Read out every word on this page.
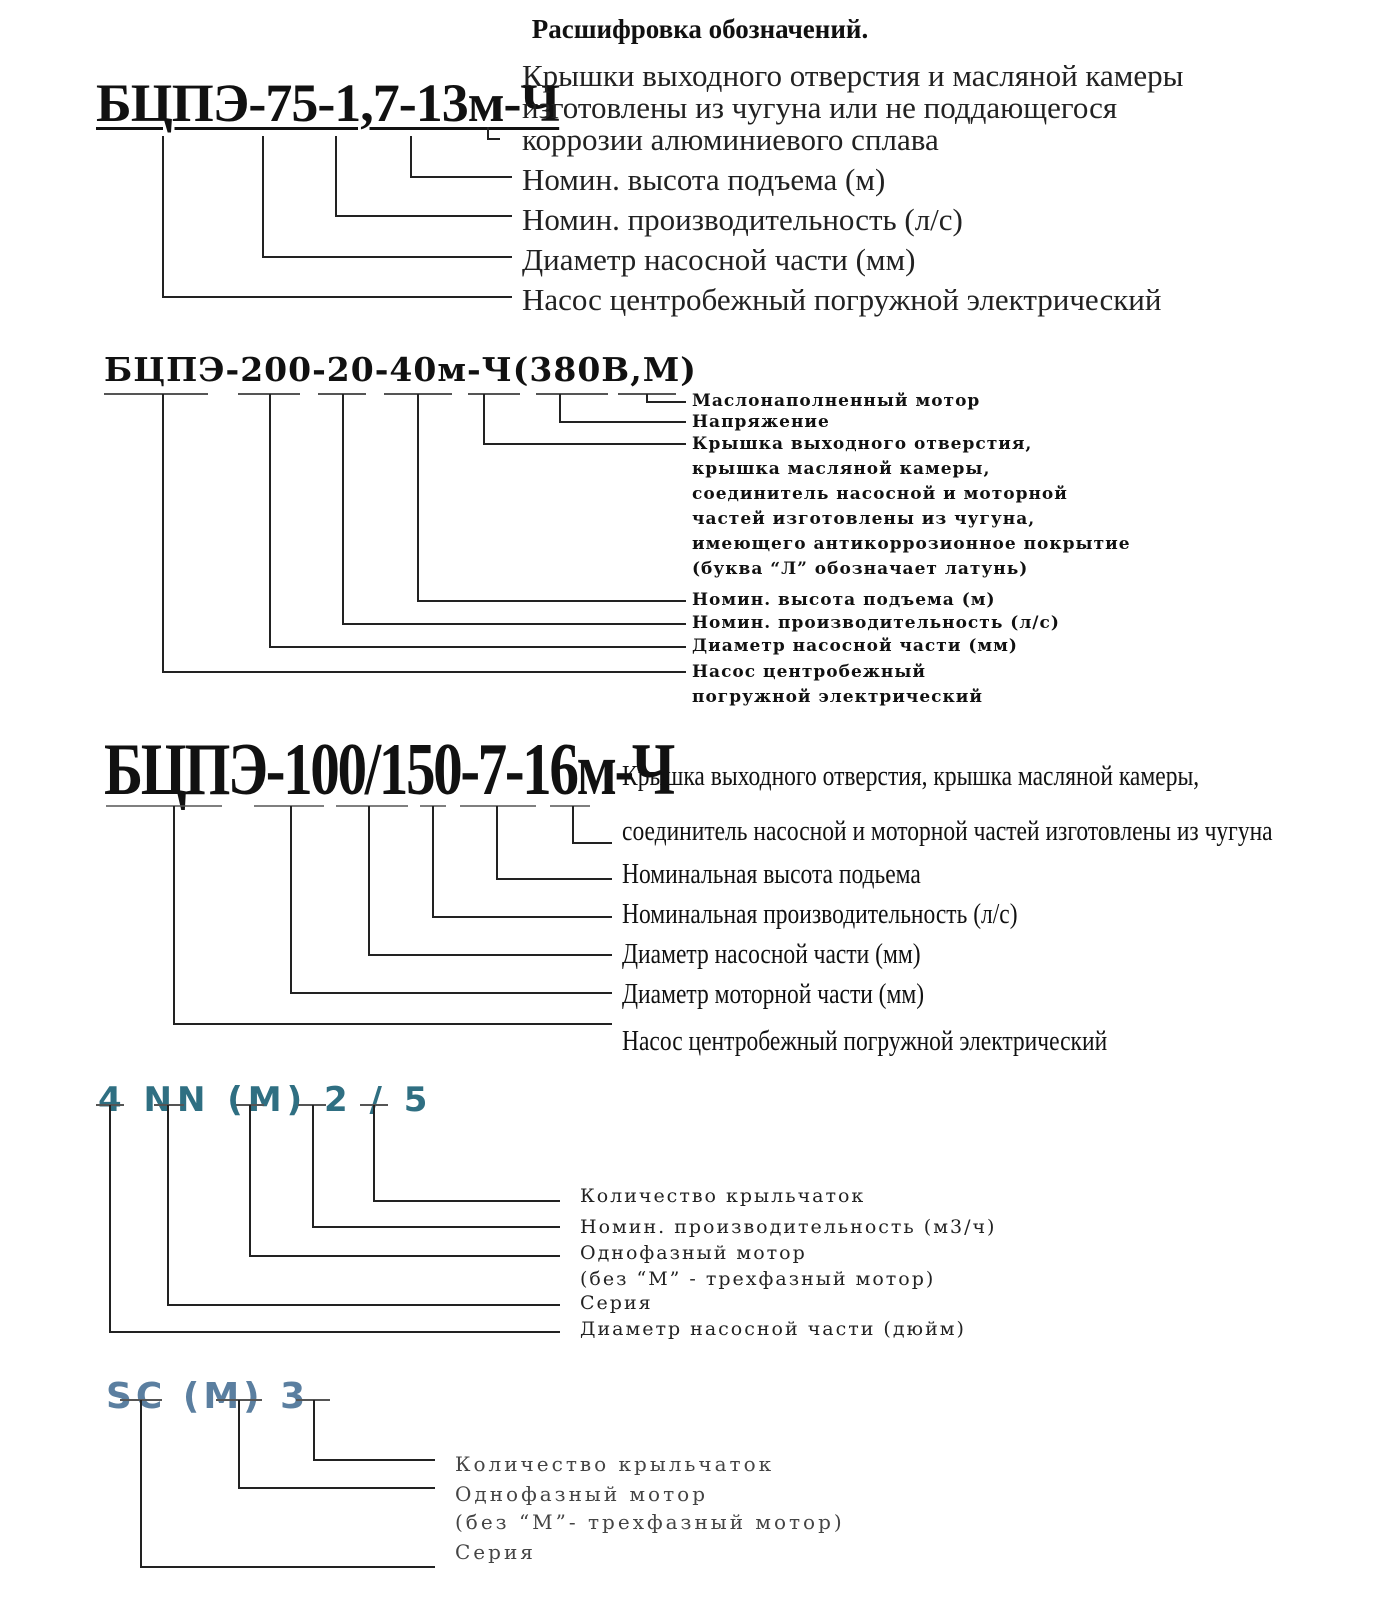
Расшифровка обозначений.
БЦПЭ-75-1,7-13м-Ч
Крышки выходного отверстия и масляной камеры
изготовлены из чугуна или не поддающегося
коррозии алюминиевого сплава
Номин. высота подъема (м)
Номин. производительность (л/с)
Диаметр насосной части (мм)
Насос центробежный погружной электрический
БЦПЭ-200-20-40м-Ч(380В,М)
Маслонаполненный мотор
Напряжение
Крышка выходного отверстия,
крышка масляной камеры,
соединитель насосной и моторной
частей изготовлены из чугуна,
имеющего антикоррозионное покрытие
(буква “Л” обозначает латунь)
Номин. высота подъема (м)
Номин. производительность (л/с)
Диаметр насосной части (мм)
Насос центробежный
погружной электрический
БЦПЭ-100/150-7-16м-Ч
Крышка выходного отверстия, крышка масляной камеры,
соединитель насосной и моторной частей изготовлены из чугуна
Номинальная высота подьема
Номинальная производительность (л/с)
Диаметр насосной части (мм)
Диаметр моторной части (мм)
Насос центробежный погружной электрический
4 NN (M) 2 / 5
Количество крыльчаток
Номин. производительность (м3/ч)
Однофазный мотор
(без “М” - трехфазный мотор)
Серия
Диаметр насосной части (дюйм)
SC (M) 3
Количество крыльчаток
Однофазный мотор
(без “M”- трехфазный мотор)
Серия
